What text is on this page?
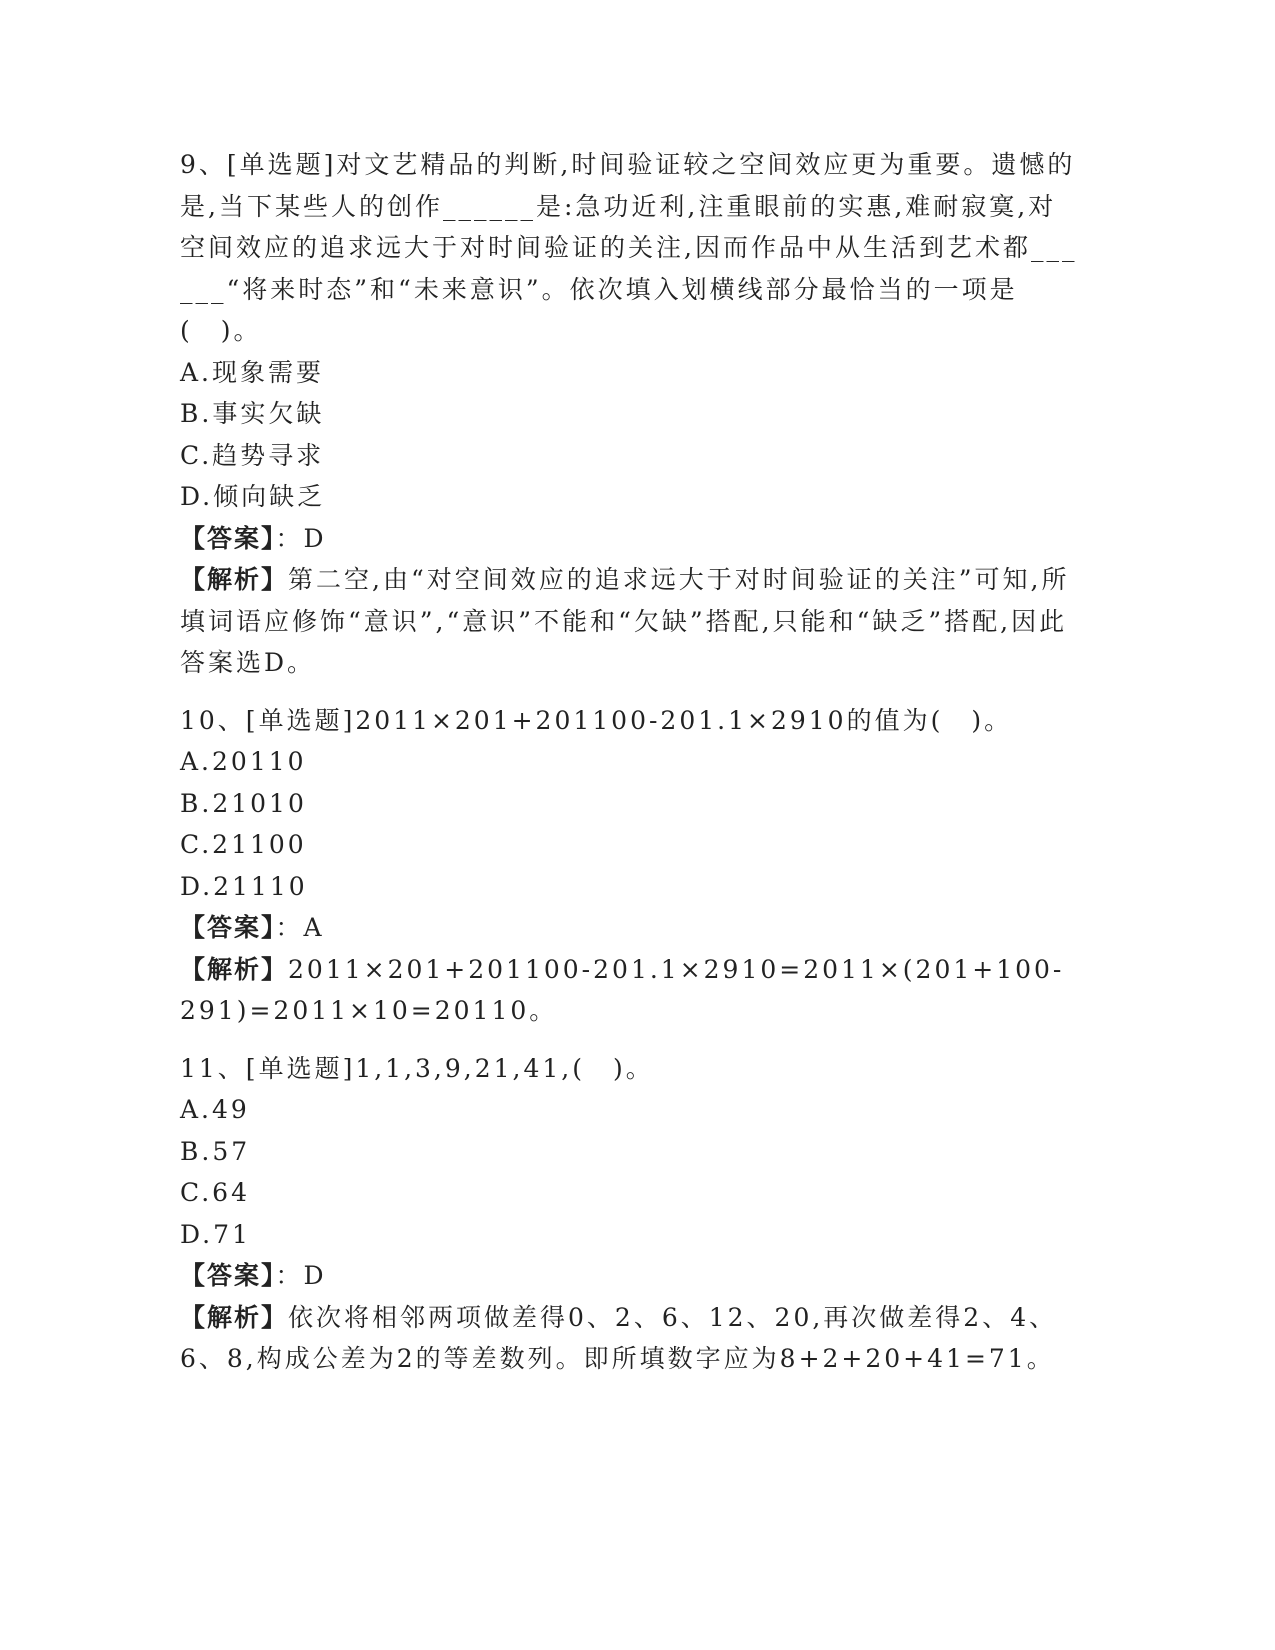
9、[单选题]对文艺精品的判断,时间验证较之空间效应更为重要。遗憾的是,当下某些人的创作______是:急功近利,注重眼前的实惠,难耐寂寞,对空间效应的追求远大于对时间验证的关注,因而作品中从生活到艺术都______“将来时态”和“未来意识”。依次填入划横线部分最恰当的一项是(　)。

A.现象需要

B.事实欠缺

C.趋势寻求

D.倾向缺乏

【答案】：D

【解析】第二空,由“对空间效应的追求远大于对时间验证的关注”可知,所填词语应修饰“意识”,“意识”不能和“欠缺”搭配,只能和“缺乏”搭配,因此答案选D。

10、[单选题]2011×201+201100-201.1×2910的值为(　)。

A.20110

B.21010

C.21100

D.21110

【答案】：A

【解析】2011×201+201100-201.1×2910=2011×(201+100-291)=2011×10=20110。

11、[单选题]1,1,3,9,21,41,(　)。

A.49

B.57

C.64

D.71

【答案】：D

【解析】依次将相邻两项做差得0、2、6、12、20,再次做差得2、4、6、8,构成公差为2的等差数列。即所填数字应为8+2+20+41=71。
